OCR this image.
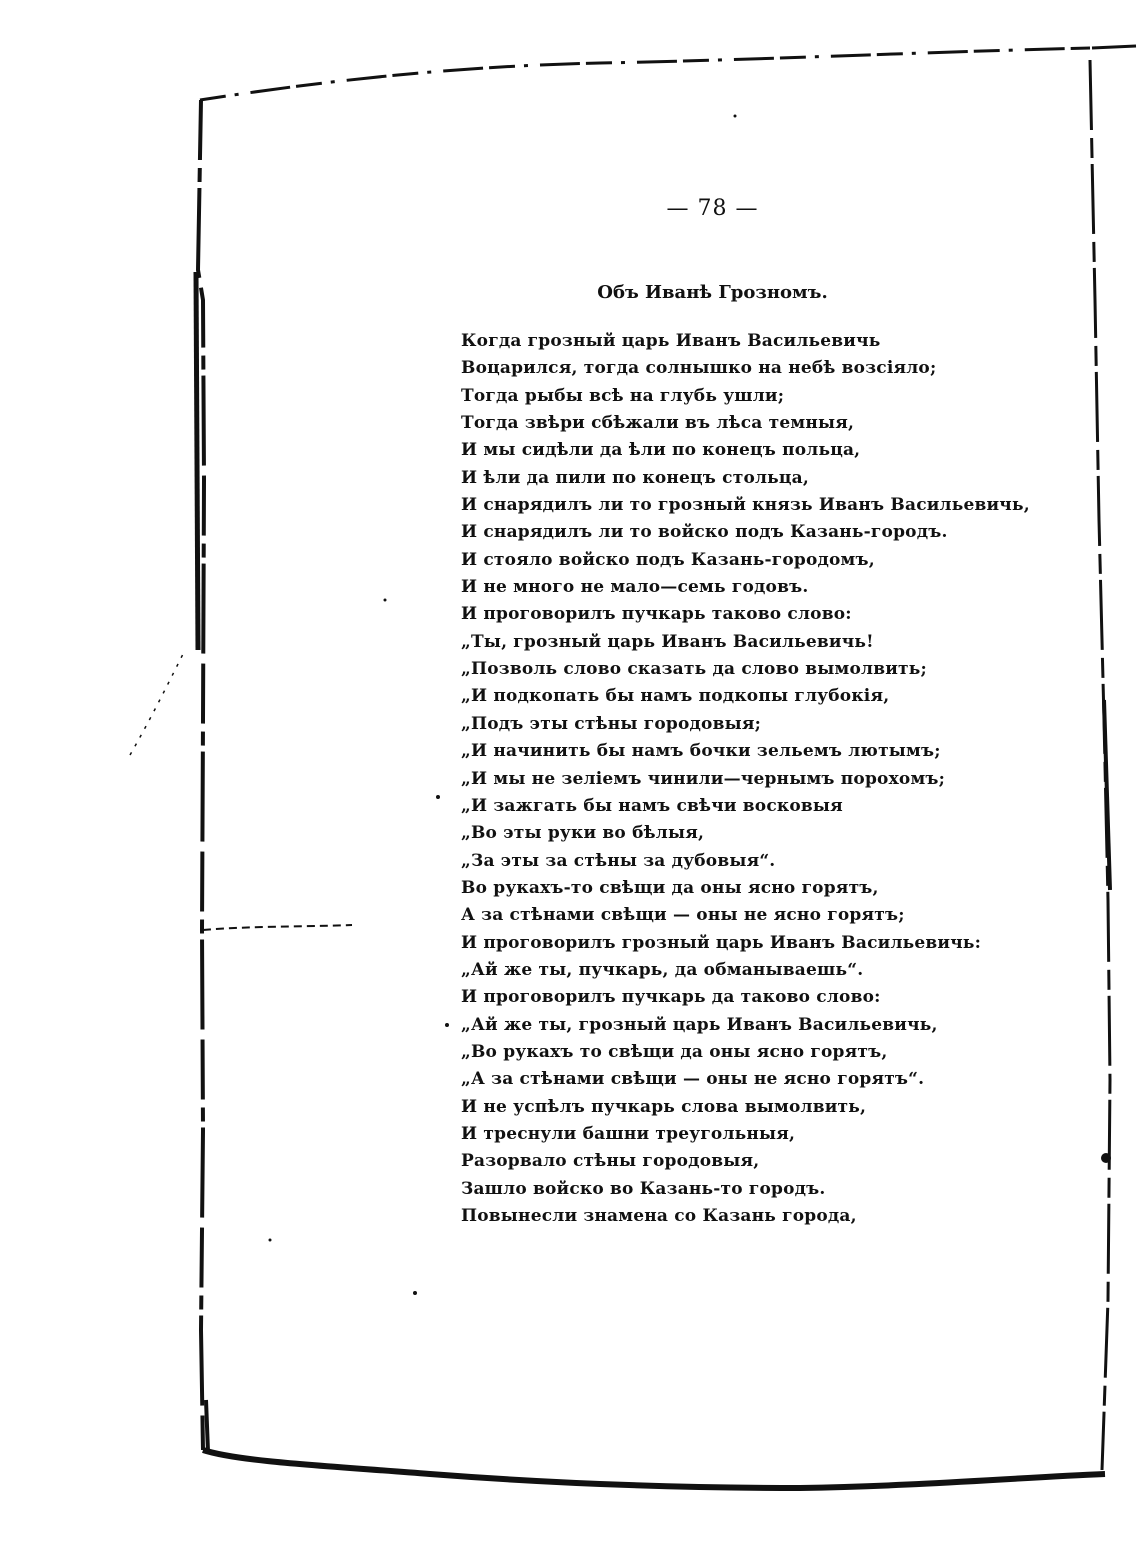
— 78 —
Объ Иванѣ Грозномъ.
Когда грозный царь Иванъ Васильевичь
Воцарился, тогда солнышко на небѣ возсіяло;
Тогда рыбы всѣ на глубь ушли;
Тогда звѣри сбѣжали въ лѣса темныя,
И мы сидѣли да ѣли по конецъ польца,
И ѣли да пили по конецъ стольца,
И снарядилъ ли то грозный князь Иванъ Васильевичь,
И снарядилъ ли то войско подъ Казань-городъ.
И стояло войско подъ Казань-городомъ,
И не много не мало—семь годовъ.
И проговорилъ пучкарь таково слово:
„Ты, грозный царь Иванъ Васильевичь!
„Позволь слово сказать да слово вымолвить;
„И подкопать бы намъ подкопы глубокія,
„Подъ эты стѣны городовыя;
„И начинить бы намъ бочки зельемъ лютымъ;
„И мы не зеліемъ чинили—чернымъ порохомъ;
„И зажгать бы намъ свѣчи восковыя
„Во эты руки во бѣлыя,
„За эты за стѣны за дубовыя“.
Во рукахъ-то свѣщи да оны ясно горятъ,
А за стѣнами свѣщи — оны не ясно горятъ;
И проговорилъ грозный царь Иванъ Васильевичь:
„Ай же ты, пучкарь, да обманываешь“.
И проговорилъ пучкарь да таково слово:
„Ай же ты, грозный царь Иванъ Васильевичь,
„Во рукахъ то свѣщи да оны ясно горятъ,
„А за стѣнами свѣщи — оны не ясно горятъ“.
И не успѣлъ пучкарь слова вымолвить,
И треснули башни треугольныя,
Разорвало стѣны городовыя,
Зашло войско во Казань-то городъ.
Повынесли знамена со Казань города,
